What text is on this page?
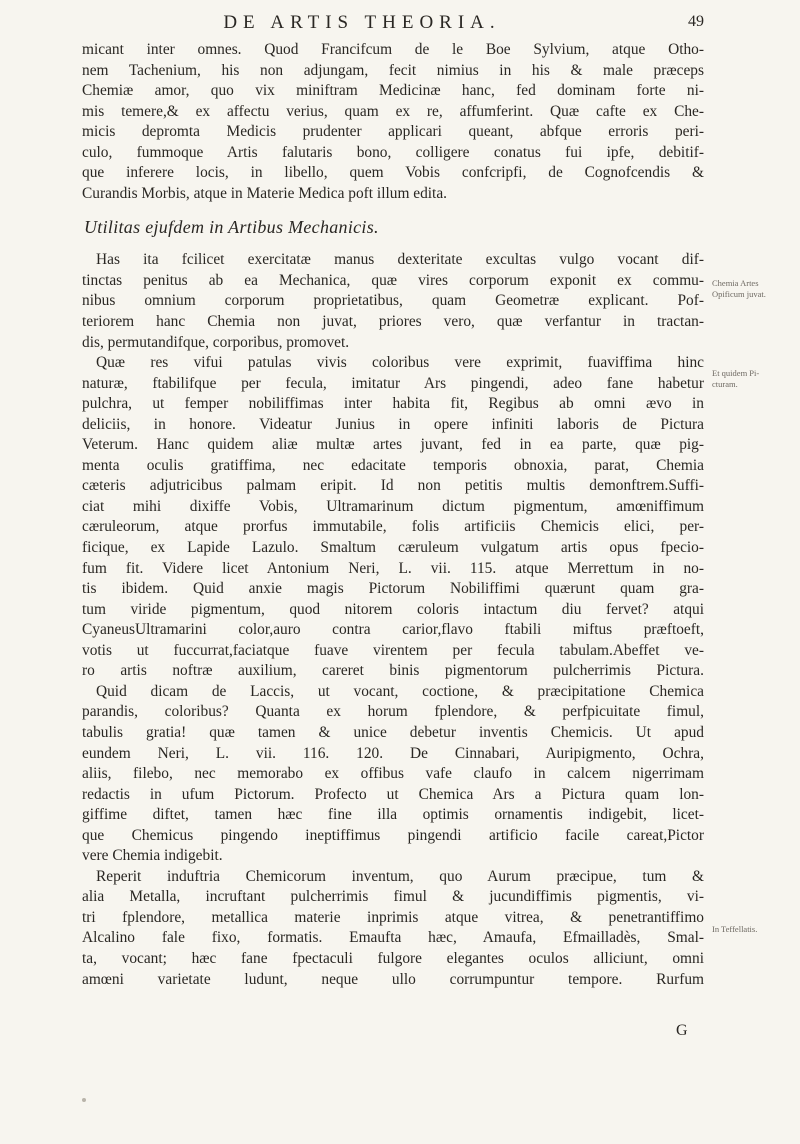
DE ARTIS THEORIA.	49
micant inter omnes. Quod Francifcum de le Boe Sylvium, atque Otho-
nem Tachenium, his non adjungam, fecit nimius in his & male præceps
Chemiæ amor, quo vix miniftram Medicinæ hanc, fed dominam forte ni-
mis temere,& ex affectu verius, quam ex re, affumferint. Quæ cafte ex Che-
micis depromta Medicis prudenter applicari queant, abfque erroris peri-
culo, fummoque Artis falutaris bono, colligere conatus fui ipfe, debitif-
que inferere locis, in libello, quem Vobis confcripfi, de Cognofcendis &
Curandis Morbis, atque in Materie Medica poft illum edita.
Utilitas ejufdem in Artibus Mechanicis.
Has ita fcilicet exercitatæ manus dexteritate excultas vulgo vocant dif-
tinctas penitus ab ea Mechanica, quæ vires corporum exponit ex commu-
nibus omnium corporum proprietatibus, quam Geometræ explicant. Pof-
teriorem hanc Chemia non juvat, priores vero, quæ verfantur in tractan-
dis, permutandifque, corporibus, promovet.
Quæ res vifui patulas vivis coloribus vere exprimit, fuaviffima hinc
naturæ, ftabilifque per fecula, imitatur Ars pingendi, adeo fane habetur
pulchra, ut femper nobiliffimas inter habita fit, Regibus ab omni ævo in
deliciis, in honore. Videatur Junius in opere infiniti laboris de Pictura
Veterum. Hanc quidem aliæ multæ artes juvant, fed in ea parte, quæ pig-
menta oculis gratiffima, nec edacitate temporis obnoxia, parat, Chemia
cæteris adjutricibus palmam eripit. Id non petitis multis demonftrem.Suffi-
ciat mihi dixiffe Vobis, Ultramarinum dictum pigmentum, amœniffimum
cæruleorum, atque prorfus immutabile, folis artificiis Chemicis elici, per-
ficique, ex Lapide Lazulo. Smaltum cæruleum vulgatum artis opus fpecio-
fum fit. Videre licet Antonium Neri, L. vii. 115. atque Merrettum in no-
tis ibidem. Quid anxie magis Pictorum Nobiliffimi quærunt quam gra-
tum viride pigmentum, quod nitorem coloris intactum diu fervet? atqui
CyaneusUltramarini color,auro contra carior,flavo ftabili miftus præftoeft,
votis ut fuccurrat,faciatque fuave virentem per fecula tabulam.Abeffet ve-
ro artis noftræ auxilium, careret binis pigmentorum pulcherrimis Pictura.
Quid dicam de Laccis, ut vocant, coctione, & præcipitatione Chemica
parandis, coloribus? Quanta ex horum fplendore, & perfpicuitate fimul,
tabulis gratia! quæ tamen & unice debetur inventis Chemicis. Ut apud
eundem Neri, L. vii. 116. 120. De Cinnabari, Auripigmento, Ochra,
aliis, filebo, nec memorabo ex offibus vafe claufo in calcem nigerrimam
redactis in ufum Pictorum. Profecto ut Chemica Ars a Pictura quam lon-
giffime diftet, tamen hæc fine illa optimis ornamentis indigebit, licet-
que Chemicus pingendo ineptiffimus pingendi artificio facile careat,Pictor
vere Chemia indigebit.
Reperit induftria Chemicorum inventum, quo Aurum præcipue, tum &
alia Metalla, incruftant pulcherrimis fimul & jucundiffimis pigmentis, vi-
tri fplendore, metallica materie inprimis atque vitrea, & penetrantiffimo
Alcalino fale fixo, formatis. Emaufta hæc, Amaufa, Efmailladès, Smal-
ta, vocant; hæc fane fpectaculi fulgore elegantes oculos alliciunt, omni
amœni varietate ludunt, neque ullo corrumpuntur tempore. Rurfum
Chemia Artes
Opificum juvat.
Et quidem Pi-
cturam.
In Teffellatis.
G
